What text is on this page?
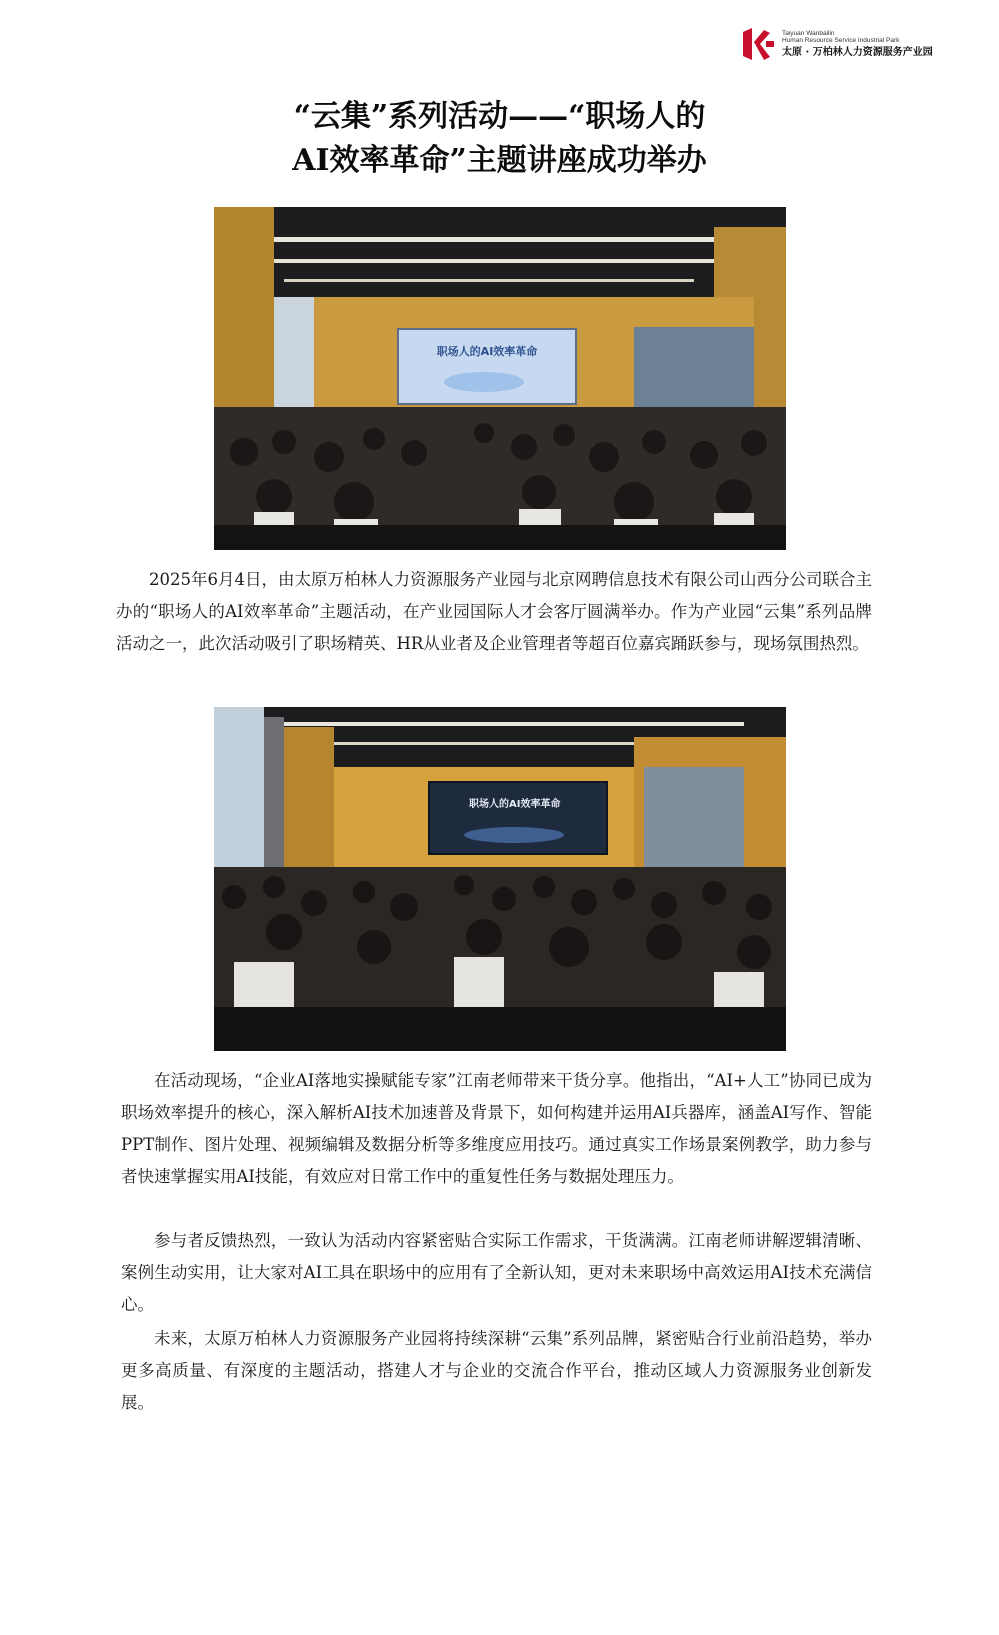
Taiyuan Wanbailin
Human Resource Service Industrial Park
太原 · 万柏林人力资源服务产业园
“云集”系列活动——“职场人的
AI效率革命”主题讲座成功举办
职场人的AI效率革命
2025年6月4日，由太原万柏林人力资源服务产业园与北京网聘信息技术有限公司山西分公司联合主办的“职场人的AI效率革命”主题活动，在产业园国际人才会客厅圆满举办。作为产业园“云集”系列品牌活动之一，此次活动吸引了职场精英、HR从业者及企业管理者等超百位嘉宾踊跃参与，现场氛围热烈。
职场人的AI效率革命
在活动现场，“企业AI落地实操赋能专家”江南老师带来干货分享。他指出，“AI+人工”协同已成为职场效率提升的核心，深入解析AI技术加速普及背景下，如何构建并运用AI兵器库，涵盖AI写作、智能PPT制作、图片处理、视频编辑及数据分析等多维度应用技巧。通过真实工作场景案例教学，助力参与者快速掌握实用AI技能，有效应对日常工作中的重复性任务与数据处理压力。
参与者反馈热烈，一致认为活动内容紧密贴合实际工作需求，干货满满。江南老师讲解逻辑清晰、案例生动实用，让大家对AI工具在职场中的应用有了全新认知，更对未来职场中高效运用AI技术充满信心。
未来，太原万柏林人力资源服务产业园将持续深耕“云集”系列品牌，紧密贴合行业前沿趋势，举办更多高质量、有深度的主题活动，搭建人才与企业的交流合作平台，推动区域人力资源服务业创新发展。
